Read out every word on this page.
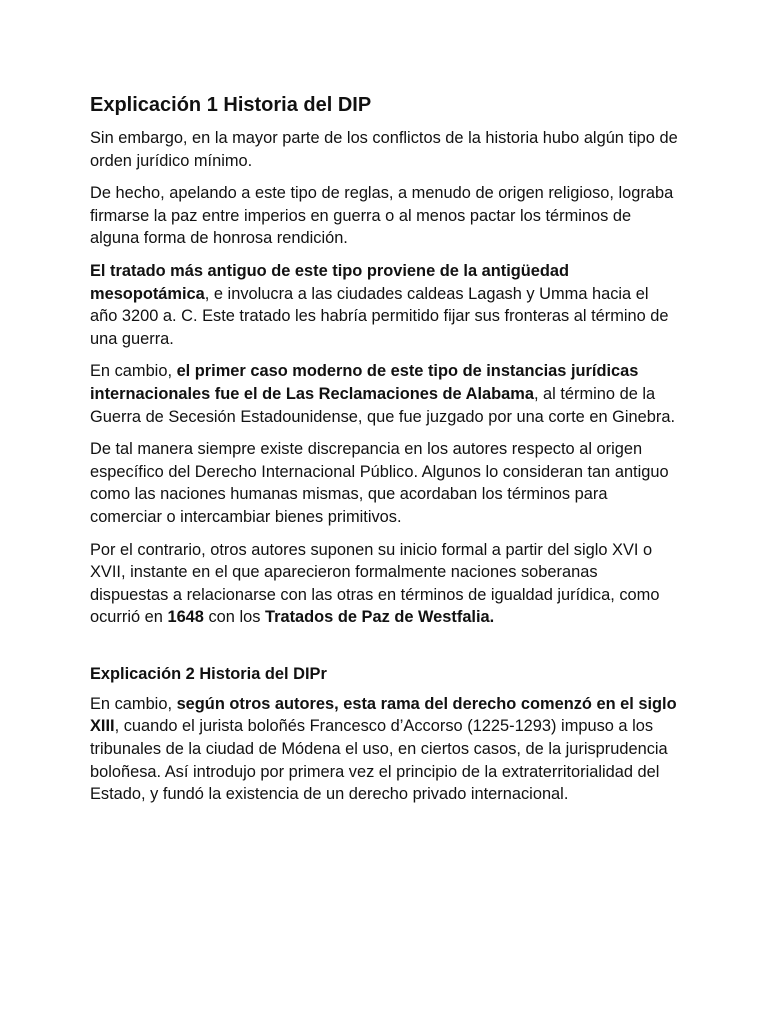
Explicación 1 Historia del DIP

Sin embargo, en la mayor parte de los conflictos de la historia hubo algún tipo de orden jurídico mínimo.

De hecho, apelando a este tipo de reglas, a menudo de origen religioso, lograba firmarse la paz entre imperios en guerra o al menos pactar los términos de alguna forma de honrosa rendición.

El tratado más antiguo de este tipo proviene de la antigüedad mesopotámica, e involucra a las ciudades caldeas Lagash y Umma hacia el año 3200 a. C. Este tratado les habría permitido fijar sus fronteras al término de una guerra.

En cambio, el primer caso moderno de este tipo de instancias jurídicas internacionales fue el de Las Reclamaciones de Alabama, al término de la Guerra de Secesión Estadounidense, que fue juzgado por una corte en Ginebra.

De tal manera siempre existe discrepancia en los autores respecto al origen específico del Derecho Internacional Público. Algunos lo consideran tan antiguo como las naciones humanas mismas, que acordaban los términos para comerciar o intercambiar bienes primitivos.

Por el contrario, otros autores suponen su inicio formal a partir del siglo XVI o XVII, instante en el que aparecieron formalmente naciones soberanas dispuestas a relacionarse con las otras en términos de igualdad jurídica, como ocurrió en 1648 con los Tratados de Paz de Westfalia.

Explicación 2 Historia del DIPr

En cambio, según otros autores, esta rama del derecho comenzó en el siglo XIII, cuando el jurista boloñés Francesco d’Accorso (1225-1293) impuso a los tribunales de la ciudad de Módena el uso, en ciertos casos, de la jurisprudencia boloñesa. Así introdujo por primera vez el principio de la extraterritorialidad del Estado, y fundó la existencia de un derecho privado internacional.
